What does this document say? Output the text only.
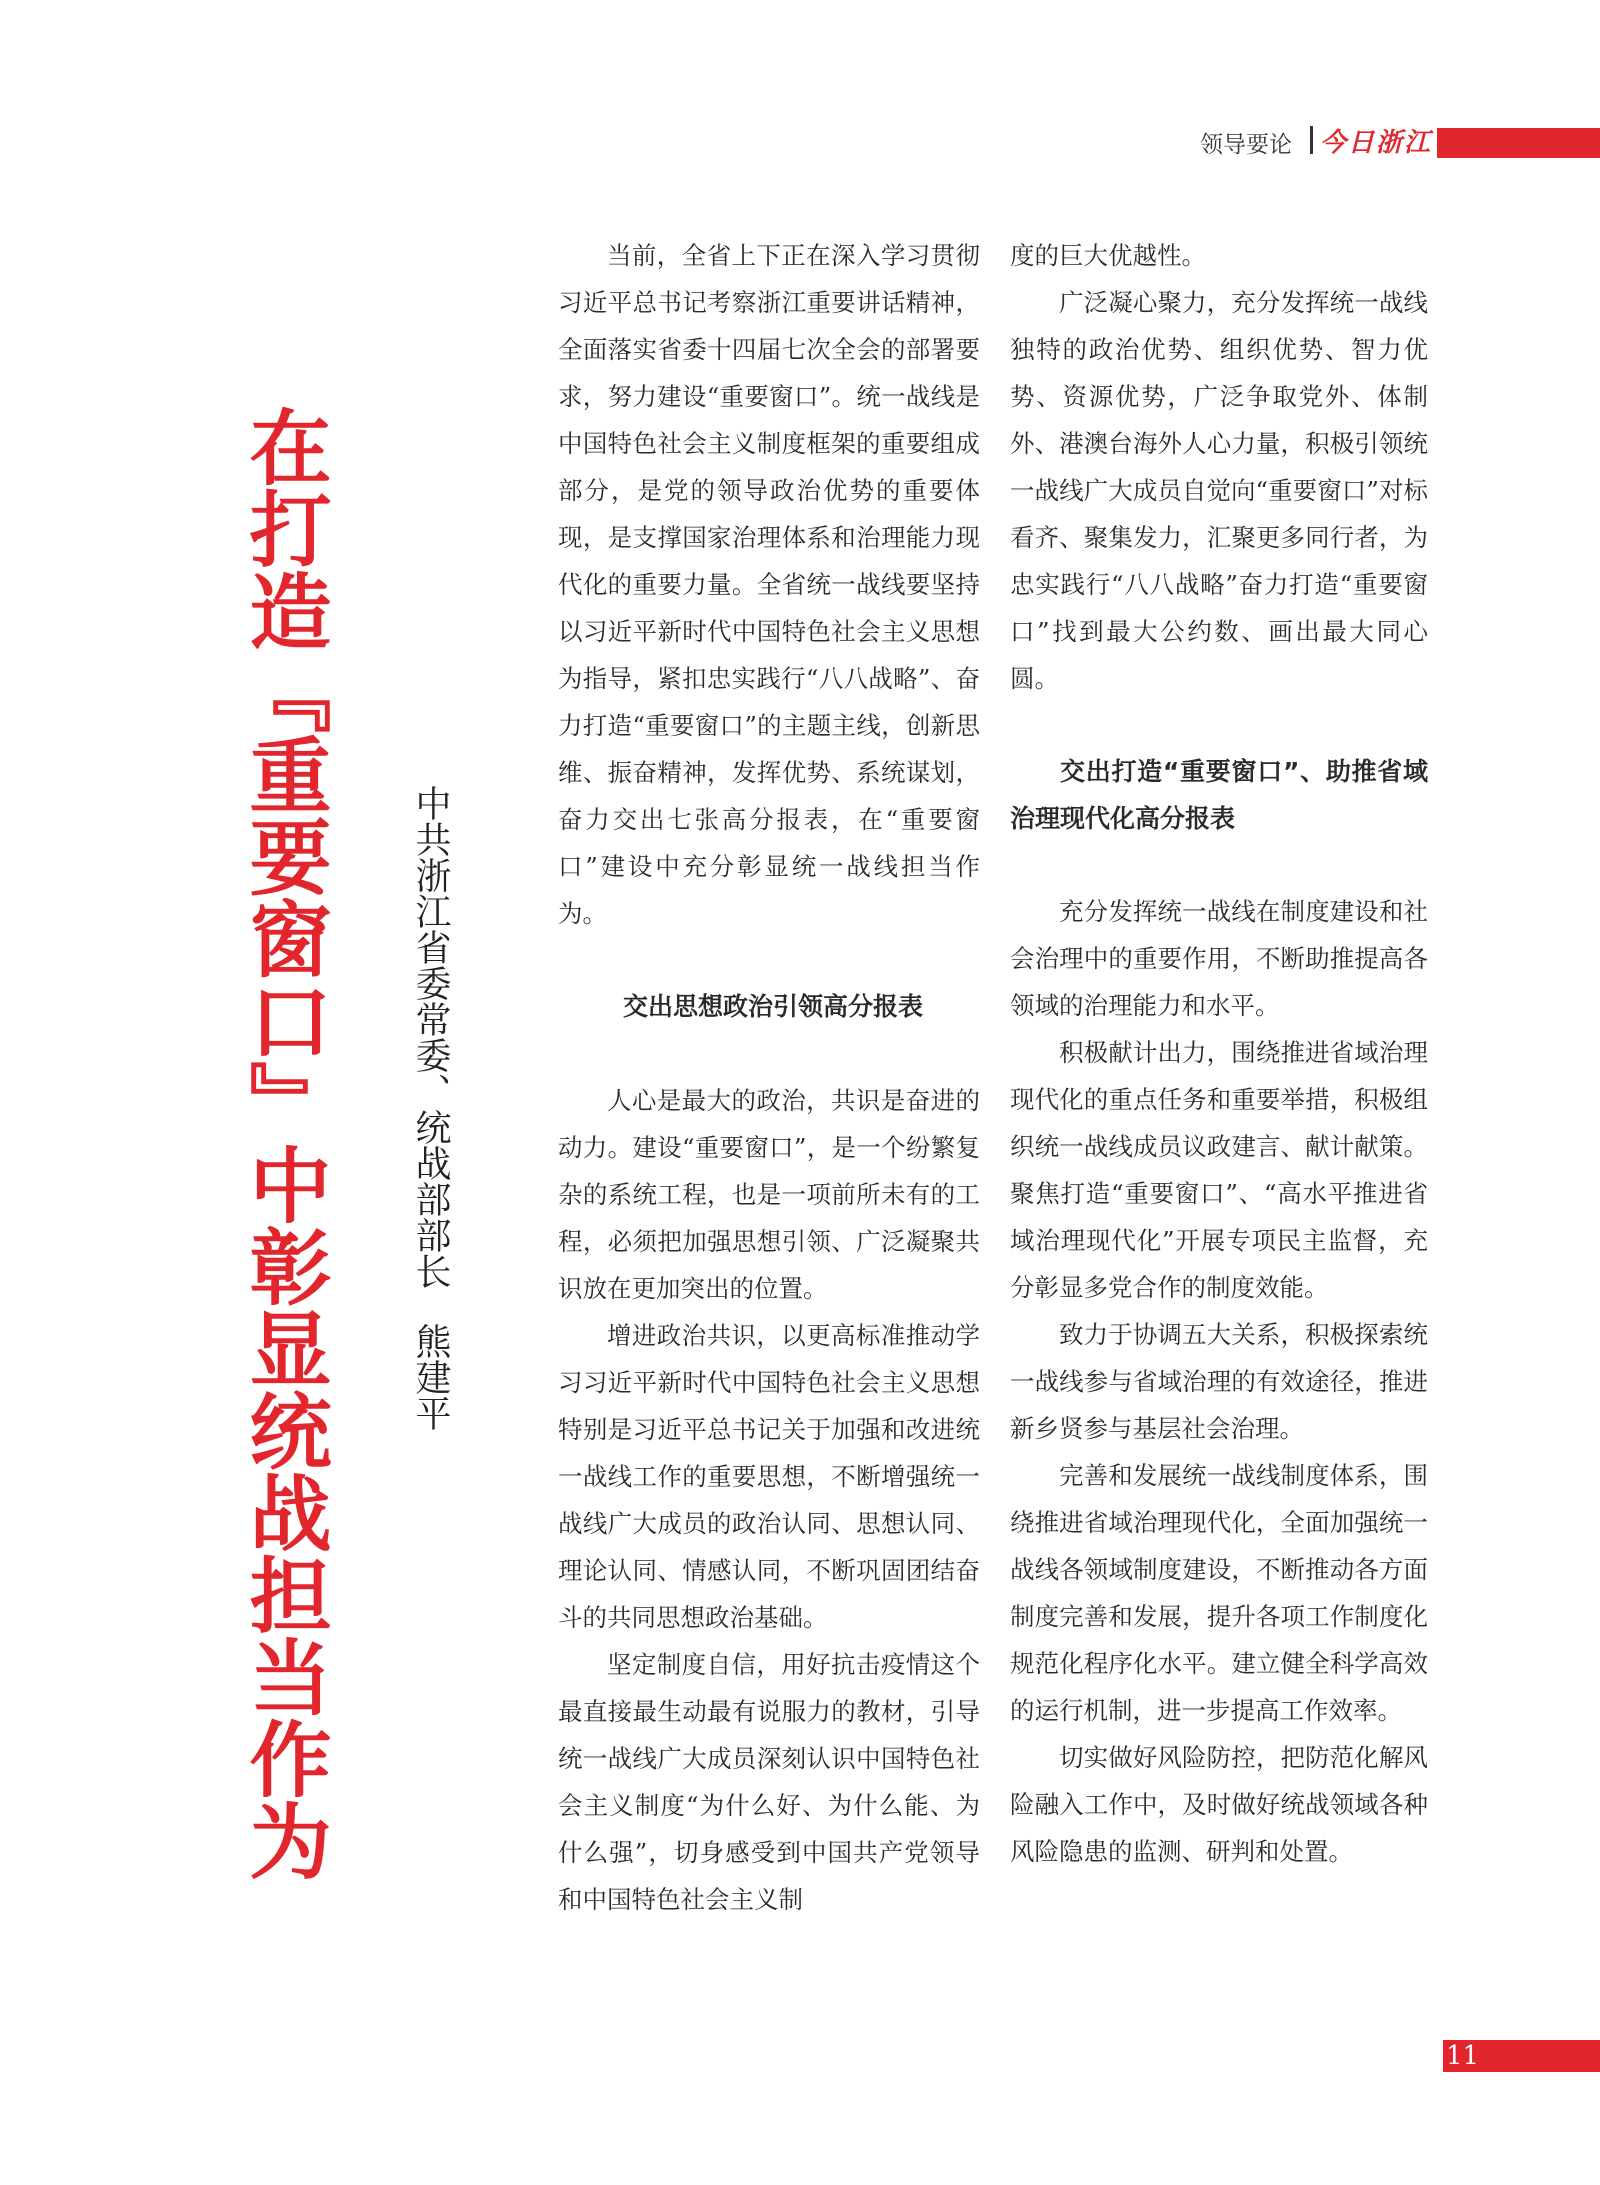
领导要论 今日浙江
在打造『重要窗口』中彰显统战担当作为 中共浙江省委常委、统战部部长熊建平

当前，全省上下正在深入学习贯彻习近平总书记考察浙江重要讲话精神，全面落实省委十四届七次全会的部署要求，努力建设“重要窗口”。统一战线是中国特色社会主义制度框架的重要组成部分，是党的领导政治优势的重要体现，是支撑国家治理体系和治理能力现代化的重要力量。全省统一战线要坚持以习近平新时代中国特色社会主义思想为指导，紧扣忠实践行“八八战略”、奋力打造“重要窗口”的主题主线，创新思维、振奋精神，发挥优势、系统谋划，奋力交出七张高分报表，在“重要窗口”建设中充分彰显统一战线担当作为。

交出思想政治引领高分报表

人心是最大的政治，共识是奋进的动力。建设“重要窗口”，是一个纷繁复杂的系统工程，也是一项前所未有的工程，必须把加强思想引领、广泛凝聚共识放在更加突出的位置。

增进政治共识，以更高标准推动学习习近平新时代中国特色社会主义思想特别是习近平总书记关于加强和改进统一战线工作的重要思想，不断增强统一战线广大成员的政治认同、思想认同、理论认同、情感认同，不断巩固团结奋斗的共同思想政治基础。

坚定制度自信，用好抗击疫情这个最直接最生动最有说服力的教材，引导统一战线广大成员深刻认识中国特色社会主义制度“为什么好、为什么能、为什么强”，切身感受到中国共产党领导和中国特色社会主义制

度的巨大优越性。

广泛凝心聚力，充分发挥统一战线独特的政治优势、组织优势、智力优势、资源优势，广泛争取党外、体制外、港澳台海外人心力量，积极引领统一战线广大成员自觉向“重要窗口”对标看齐、聚集发力，汇聚更多同行者，为忠实践行“八八战略”奋力打造“重要窗口”找到最大公约数、画出最大同心圆。

交出打造“重要窗口”、助推省域治理现代化高分报表

充分发挥统一战线在制度建设和社会治理中的重要作用，不断助推提高各领域的治理能力和水平。

积极献计出力，围绕推进省域治理现代化的重点任务和重要举措，积极组织统一战线成员议政建言、献计献策。聚焦打造“重要窗口”、“高水平推进省域治理现代化”开展专项民主监督，充分彰显多党合作的制度效能。

致力于协调五大关系，积极探索统一战线参与省域治理的有效途径，推进新乡贤参与基层社会治理。

完善和发展统一战线制度体系，围绕推进省域治理现代化，全面加强统一战线各领域制度建设，不断推动各方面制度完善和发展，提升各项工作制度化规范化程序化水平。建立健全科学高效的运行机制，进一步提高工作效率。

切实做好风险防控，把防范化解风险融入工作中，及时做好统战领域各种风险隐患的监测、研判和处置。

11
